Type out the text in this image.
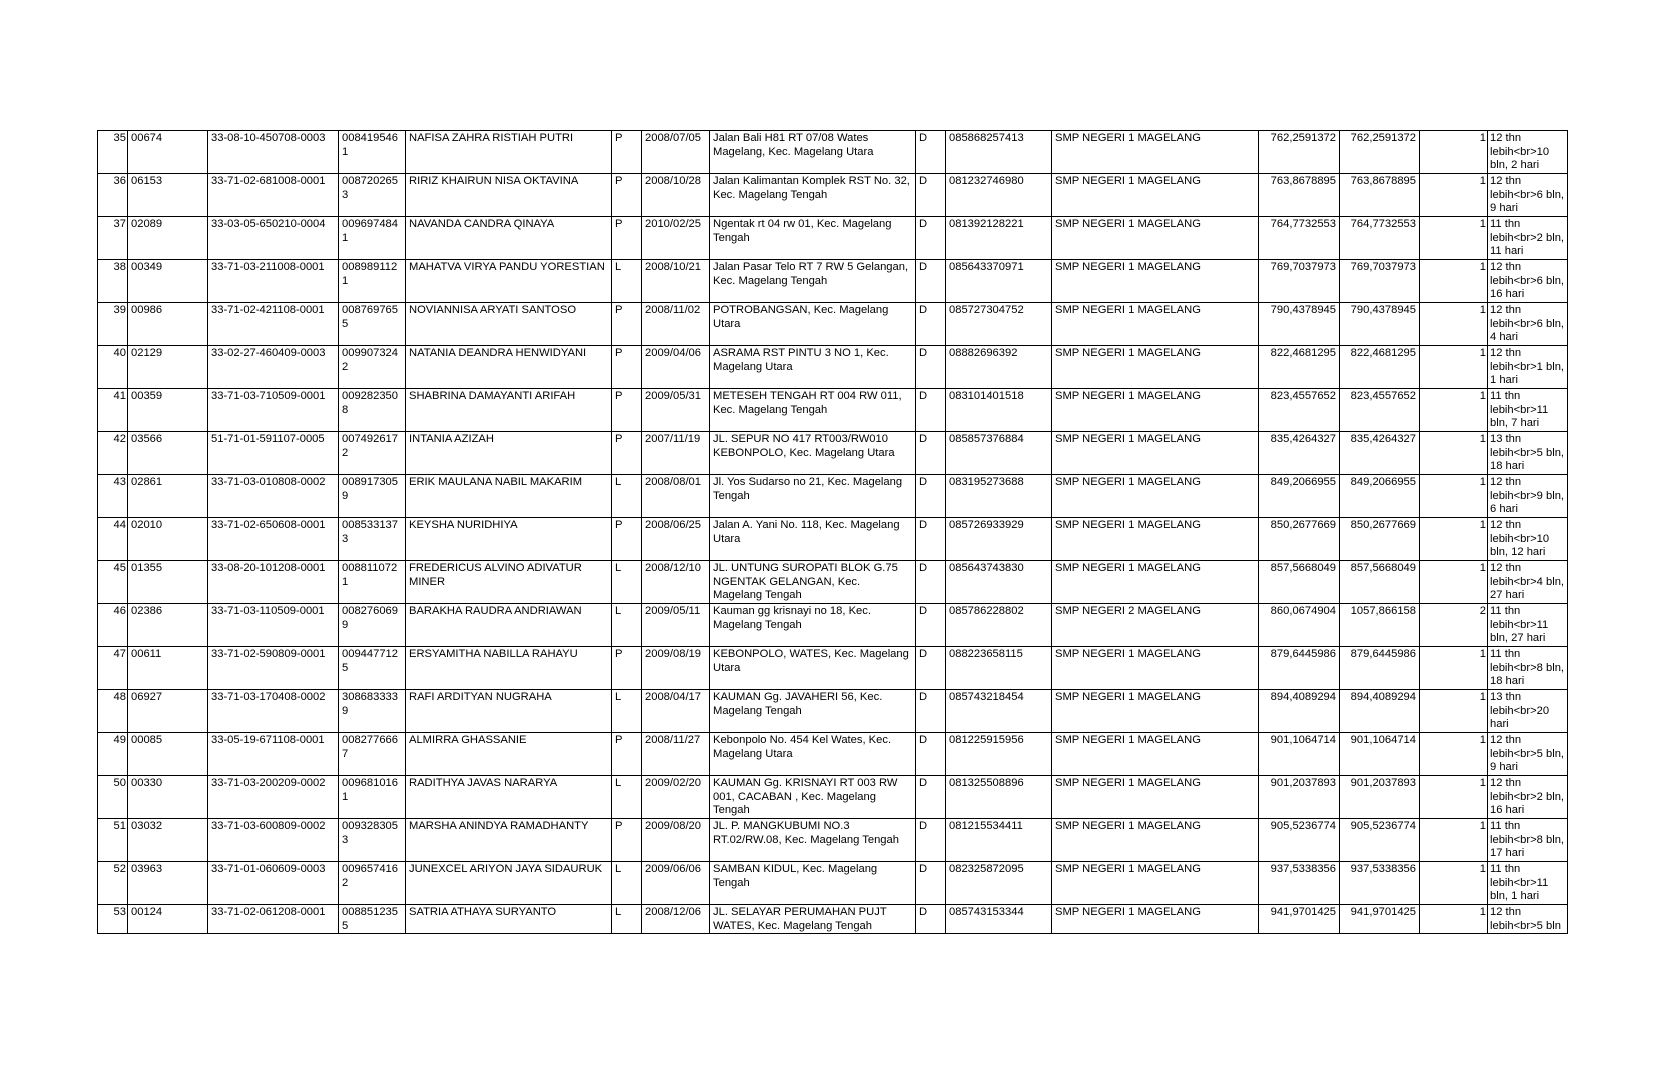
35	00674	33-08-10-450708-0003	0084195461	NAFISA ZAHRA RISTIAH PUTRI	P	2008/07/05	Jalan Bali H81 RT 07/08 Wates Magelang, Kec. Magelang Utara	D	085868257413	SMP NEGERI 1 MAGELANG	762,2591372	762,2591372	1	12 thn lebih<br>10 bln, 2 hari
36	06153	33-71-02-681008-0001	0087202653	RIRIZ KHAIRUN NISA OKTAVINA	P	2008/10/28	Jalan Kalimantan Komplek RST No. 32, Kec. Magelang Tengah	D	081232746980	SMP NEGERI 1 MAGELANG	763,8678895	763,8678895	1	12 thn lebih<br>6 bln, 9 hari
37	02089	33-03-05-650210-0004	0096974841	NAVANDA CANDRA QINAYA	P	2010/02/25	Ngentak rt 04 rw 01, Kec. Magelang Tengah	D	081392128221	SMP NEGERI 1 MAGELANG	764,7732553	764,7732553	1	11 thn lebih<br>2 bln, 11 hari
38	00349	33-71-03-211008-0001	0089891121	MAHATVA VIRYA PANDU YORESTIAN	L	2008/10/21	Jalan Pasar Telo RT 7 RW 5 Gelangan, Kec. Magelang Tengah	D	085643370971	SMP NEGERI 1 MAGELANG	769,7037973	769,7037973	1	12 thn lebih<br>6 bln, 16 hari
39	00986	33-71-02-421108-0001	0087697655	NOVIANNISA ARYATI SANTOSO	P	2008/11/02	POTROBANGSAN, Kec. Magelang Utara	D	085727304752	SMP NEGERI 1 MAGELANG	790,4378945	790,4378945	1	12 thn lebih<br>6 bln, 4 hari
40	02129	33-02-27-460409-0003	0099073242	NATANIA DEANDRA HENWIDYANI	P	2009/04/06	ASRAMA RST PINTU 3 NO 1, Kec. Magelang Utara	D	08882696392	SMP NEGERI 1 MAGELANG	822,4681295	822,4681295	1	12 thn lebih<br>1 bln, 1 hari
41	00359	33-71-03-710509-0001	0092823508	SHABRINA DAMAYANTI ARIFAH	P	2009/05/31	METESEH TENGAH RT 004 RW 011, Kec. Magelang Tengah	D	083101401518	SMP NEGERI 1 MAGELANG	823,4557652	823,4557652	1	11 thn lebih<br>11 bln, 7 hari
42	03566	51-71-01-591107-0005	0074926172	INTANIA AZIZAH	P	2007/11/19	JL. SEPUR NO 417 RT003/RW010 KEBONPOLO, Kec. Magelang Utara	D	085857376884	SMP NEGERI 1 MAGELANG	835,4264327	835,4264327	1	13 thn lebih<br>5 bln, 18 hari
43	02861	33-71-03-010808-0002	0089173059	ERIK MAULANA NABIL MAKARIM	L	2008/08/01	Jl. Yos Sudarso no 21, Kec. Magelang Tengah	D	083195273688	SMP NEGERI 1 MAGELANG	849,2066955	849,2066955	1	12 thn lebih<br>9 bln, 6 hari
44	02010	33-71-02-650608-0001	0085331373	KEYSHA NURIDHIYA	P	2008/06/25	Jalan A. Yani No. 118, Kec. Magelang Utara	D	085726933929	SMP NEGERI 1 MAGELANG	850,2677669	850,2677669	1	12 thn lebih<br>10 bln, 12 hari
45	01355	33-08-20-101208-0001	0088110721	FREDERICUS ALVINO ADIVATUR MINER	L	2008/12/10	JL. UNTUNG SUROPATI BLOK G.75 NGENTAK GELANGAN, Kec. Magelang Tengah	D	085643743830	SMP NEGERI 1 MAGELANG	857,5668049	857,5668049	1	12 thn lebih<br>4 bln, 27 hari
46	02386	33-71-03-110509-0001	0082760699	BARAKHA RAUDRA ANDRIAWAN	L	2009/05/11	Kauman gg krisnayi no 18, Kec. Magelang Tengah	D	085786228802	SMP NEGERI 2 MAGELANG	860,0674904	1057,866158	2	11 thn lebih<br>11 bln, 27 hari
47	00611	33-71-02-590809-0001	0094477125	ERSYAMITHA NABILLA RAHAYU	P	2009/08/19	KEBONPOLO, WATES, Kec. Magelang Utara	D	088223658115	SMP NEGERI 1 MAGELANG	879,6445986	879,6445986	1	11 thn lebih<br>8 bln, 18 hari
48	06927	33-71-03-170408-0002	3086833339	RAFI ARDITYAN NUGRAHA	L	2008/04/17	KAUMAN Gg. JAVAHERI 56, Kec. Magelang Tengah	D	085743218454	SMP NEGERI 1 MAGELANG	894,4089294	894,4089294	1	13 thn lebih<br>20 hari
49	00085	33-05-19-671108-0001	0082776667	ALMIRRA GHASSANIE	P	2008/11/27	Kebonpolo No. 454 Kel Wates, Kec. Magelang Utara	D	081225915956	SMP NEGERI 1 MAGELANG	901,1064714	901,1064714	1	12 thn lebih<br>5 bln, 9 hari
50	00330	33-71-03-200209-0002	0096810161	RADITHYA JAVAS NARARYA	L	2009/02/20	KAUMAN Gg. KRISNAYI RT 003 RW 001, CACABAN , Kec. Magelang Tengah	D	081325508896	SMP NEGERI 1 MAGELANG	901,2037893	901,2037893	1	12 thn lebih<br>2 bln, 16 hari
51	03032	33-71-03-600809-0002	0093283053	MARSHA ANINDYA RAMADHANTY	P	2009/08/20	JL. P. MANGKUBUMI NO.3 RT.02/RW.08, Kec. Magelang Tengah	D	081215534411	SMP NEGERI 1 MAGELANG	905,5236774	905,5236774	1	11 thn lebih<br>8 bln, 17 hari
52	03963	33-71-01-060609-0003	0096574162	JUNEXCEL ARIYON JAYA SIDAURUK	L	2009/06/06	SAMBAN KIDUL, Kec. Magelang Tengah	D	082325872095	SMP NEGERI 1 MAGELANG	937,5338356	937,5338356	1	11 thn lebih<br>11 bln, 1 hari
53	00124	33-71-02-061208-0001	0088512355	SATRIA ATHAYA SURYANTO	L	2008/12/06	JL. SELAYAR PERUMAHAN PUJT WATES, Kec. Magelang Tengah	D	085743153344	SMP NEGERI 1 MAGELANG	941,9701425	941,9701425	1	12 thn lebih<br>5 bln
